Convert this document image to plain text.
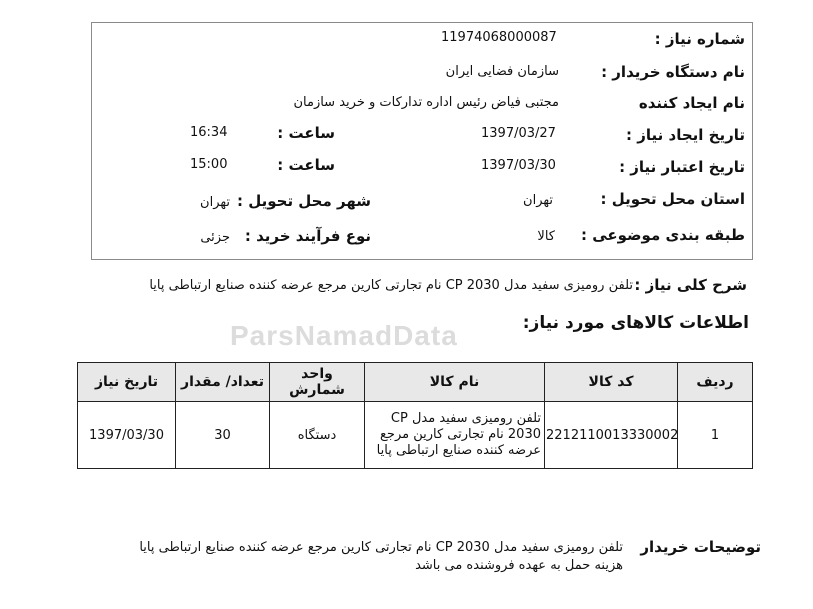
ParsNamadData
شماره نیاز :
11974068000087
نام دستگاه خریدار :
سازمان فضایی ایران
نام ایجاد کننده
مجتبی فیاض رئیس اداره تدارکات و خرید سازمان
تاریخ ایجاد نیاز :
1397/03/27
ساعت :
16:34
تاریخ اعتبار نیاز :
1397/03/30
ساعت :
15:00
استان محل تحویل :
تهران
شهر محل تحویل :
تهران
طبقه بندی موضوعی :
کالا
نوع فرآیند خرید :
جزئی
شرح کلی نیاز :
تلفن رومیزی سفید مدل CP 2030 نام تجارتی کارین مرجع عرضه کننده صنایع ارتباطی پایا
اطلاعات کالاهای مورد نیاز:
ردیف	کد کالا	نام کالا	واحد شمارش	تعداد/ مقدار	تاریخ نیاز
1	2212110013330002	تلفن رومیزی سفید مدل CP 2030 نام تجارتی کارین مرجع عرضه کننده صنایع ارتباطی پایا	دستگاه	30	1397/03/30
توضیحات خریدار
تلفن رومیزی سفید مدل CP 2030 نام تجارتی کارین مرجع عرضه کننده صنایع ارتباطی پایا
هزینه حمل به عهده فروشنده می باشد
